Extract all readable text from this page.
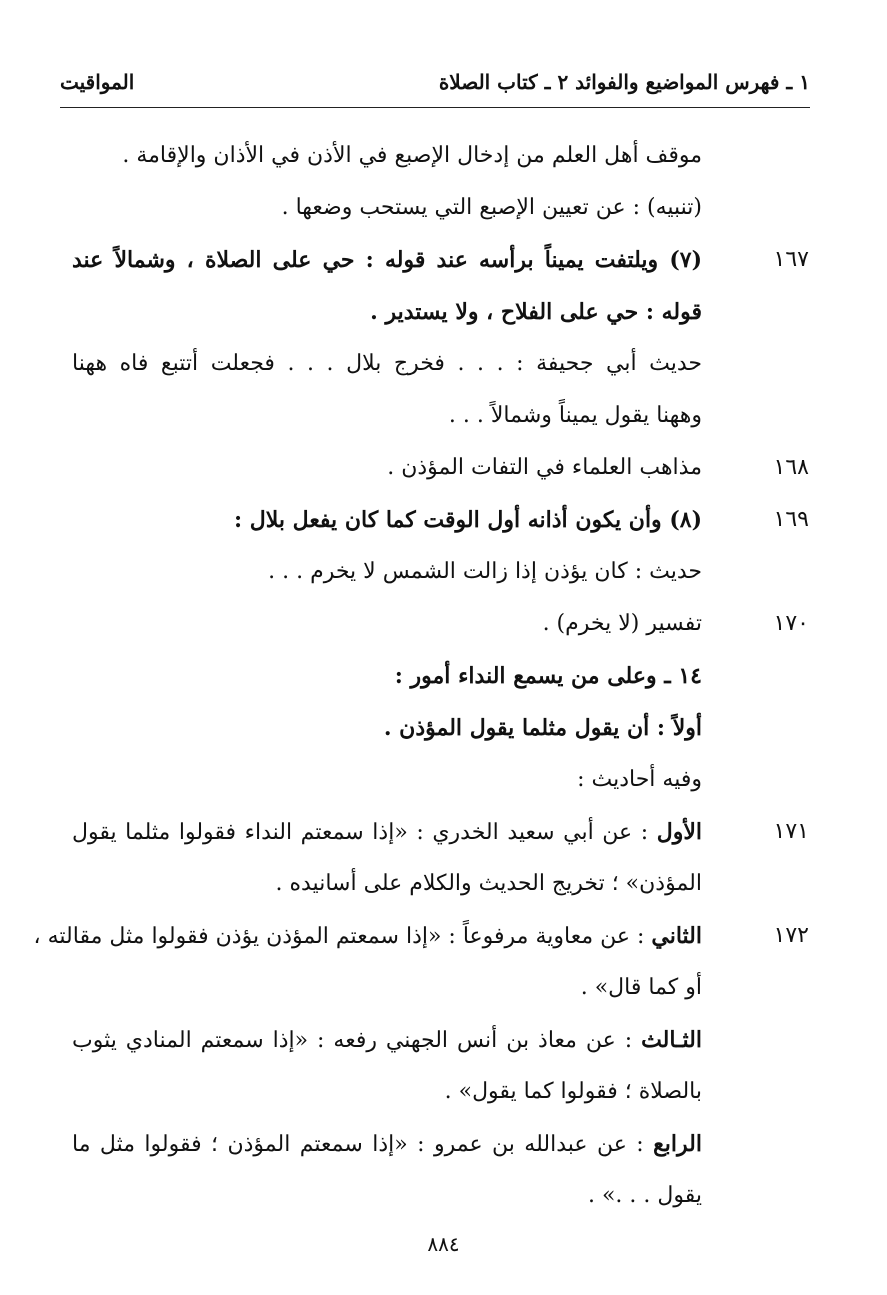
١ ـ فهرس المواضيع والفوائد ٢ ـ كتاب الصلاة
المواقيت
موقف أهل العلم من إدخال الإصبع في الأذن في الأذان والإقامة .
(تنبيه) : عن تعيين الإصبع التي يستحب وضعها .
١٦٧
(٧) ويلتفت يميناً برأسه عند قوله : حي على الصلاة ، وشمالاً عند
قوله : حي على الفلاح ، ولا يستدير .
حديث أبي جحيفة : . . . فخرج بلال . . . فجعلت أتتبع فاه ههنا
وههنا يقول يميناً وشمالاً . . .
١٦٨
مذاهب العلماء في التفات المؤذن .
١٦٩
(٨) وأن يكون أذانه أول الوقت كما كان يفعل بلال :
حديث : كان يؤذن إذا زالت الشمس لا يخرم . . .
١٧٠
تفسير (لا يخرم) .
١٤ ـ وعلى من يسمع النداء أمور :
أولاً : أن يقول مثلما يقول المؤذن .
وفيه أحاديث :
١٧١
الأول : عن أبي سعيد الخدري : «إذا سمعتم النداء فقولوا مثلما يقول
المؤذن» ؛ تخريج الحديث والكلام على أسانيده .
١٧٢
الثاني : عن معاوية مرفوعاً : «إذا سمعتم المؤذن يؤذن فقولوا مثل مقالته ،
أو كما قال» .
الثـالث : عن معاذ بن أنس الجهني رفعه : «إذا سمعتم المنادي يثوب
بالصلاة ؛ فقولوا كما يقول» .
الرابع : عن عبدالله بن عمرو : «إذا سمعتم المؤذن ؛ فقولوا مثل ما
يقول . . .» .
٨٨٤
